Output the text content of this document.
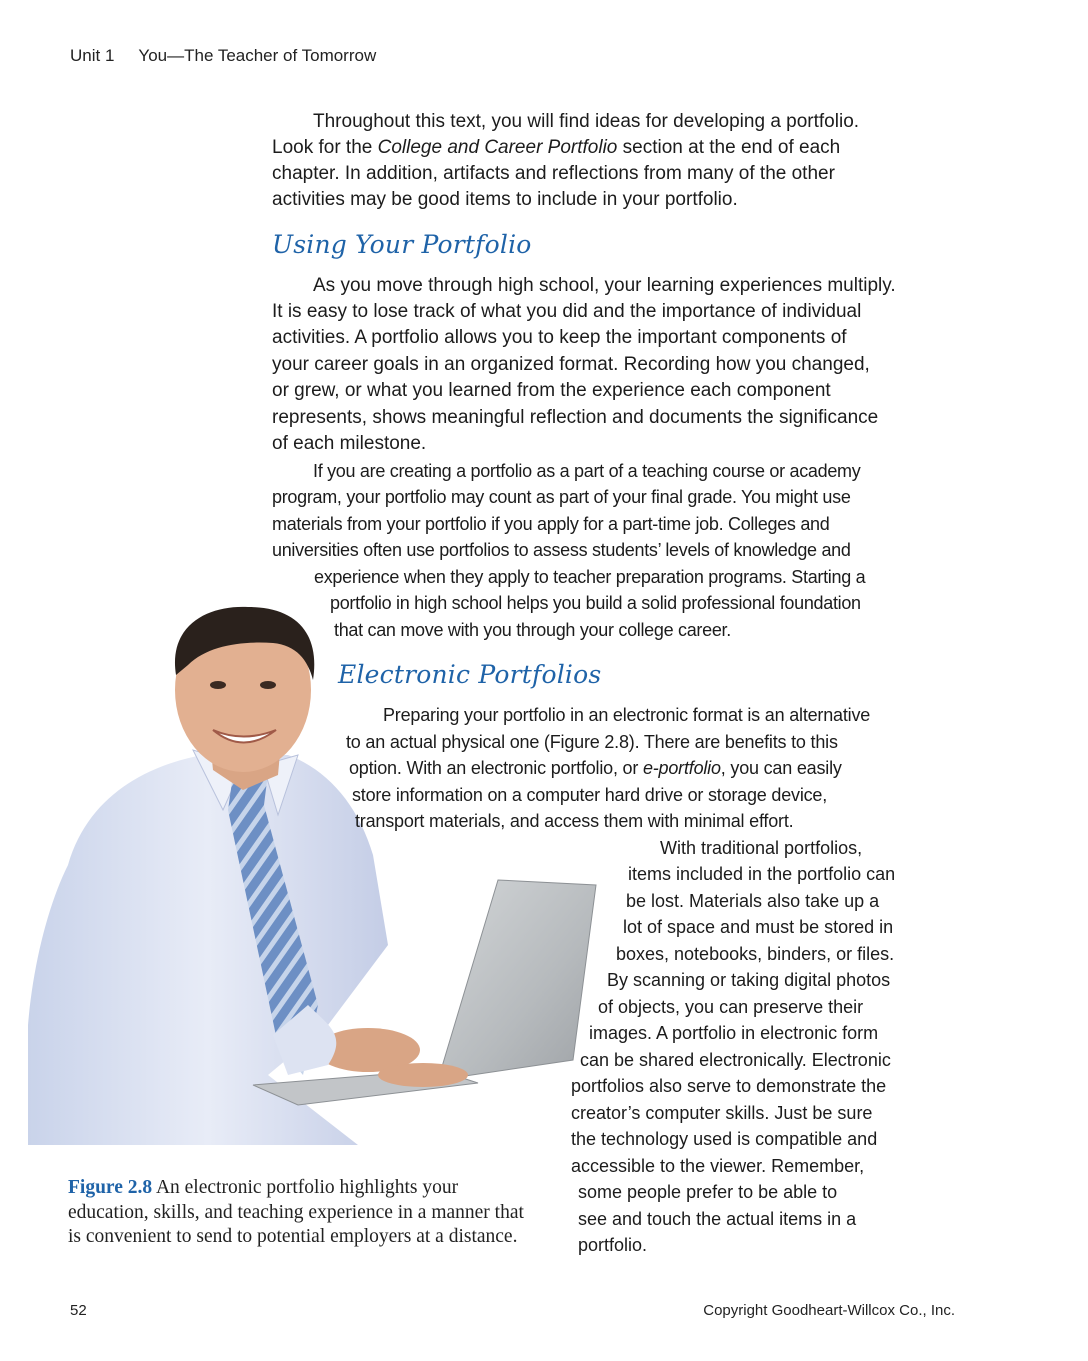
Unit 1 You—The Teacher of Tomorrow
Throughout this text, you will find ideas for developing a portfolio.
Look for the College and Career Portfolio section at the end of each
chapter. In addition, artifacts and reflections from many of the other
activities may be good items to include in your portfolio.
Using Your Portfolio
As you move through high school, your learning experiences multiply.
It is easy to lose track of what you did and the importance of individual
activities. A portfolio allows you to keep the important components of
your career goals in an organized format. Recording how you changed,
or grew, or what you learned from the experience each component
represents, shows meaningful reflection and documents the significance
of each milestone.
If you are creating a portfolio as a part of a teaching course or academy
program, your portfolio may count as part of your final grade. You might use
materials from your portfolio if you apply for a part-time job. Colleges and
universities often use portfolios to assess students’ levels of knowledge and
experience when they apply to teacher preparation programs. Starting a
portfolio in high school helps you build a solid professional foundation
that can move with you through your college career.
Electronic Portfolios
Preparing your portfolio in an electronic format is an alternative
to an actual physical one (Figure 2.8). There are benefits to this
option. With an electronic portfolio, or e-portfolio, you can easily
store information on a computer hard drive or storage device,
transport materials, and access them with minimal effort.
With traditional portfolios,
items included in the portfolio can
be lost. Materials also take up a
lot of space and must be stored in
boxes, notebooks, binders, or files.
By scanning or taking digital photos
of objects, you can preserve their
images. A portfolio in electronic form
can be shared electronically. Electronic
portfolios also serve to demonstrate the
creator’s computer skills. Just be sure
the technology used is compatible and
accessible to the viewer. Remember,
some people prefer to be able to
see and touch the actual items in a
portfolio.
Figure 2.8 An electronic portfolio highlights your education, skills, and teaching experience in a manner that is convenient to send to potential employers at a distance.
52	Copyright Goodheart-Willcox Co., Inc.
